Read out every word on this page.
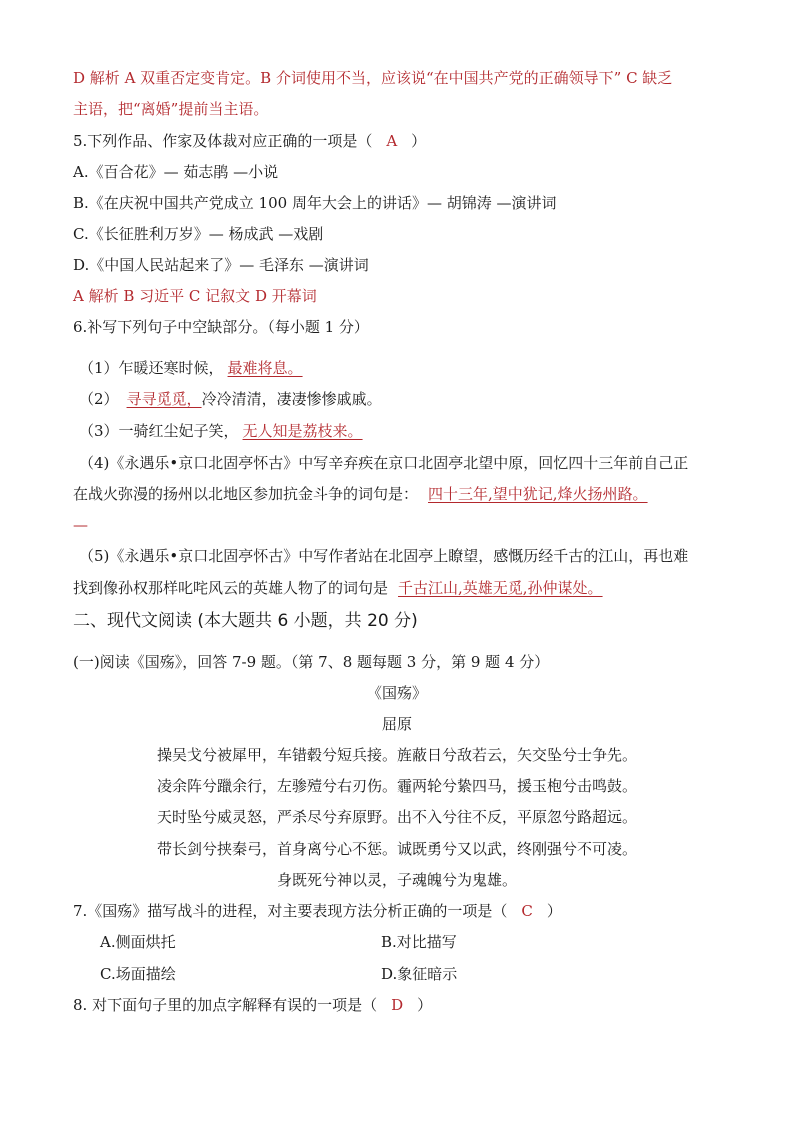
D 解析 A 双重否定变肯定。B 介词使用不当，应该说“在中国共产党的正确领导下” C 缺乏
主语，把“离婚”提前当主语。
5.下列作品、作家及体裁对应正确的一项是（ A ）
A.《百合花》— 茹志鹃 —小说
B.《在庆祝中国共产党成立 100 周年大会上的讲话》— 胡锦涛 —演讲词
C.《长征胜利万岁》— 杨成武 —戏剧
D.《中国人民站起来了》— 毛泽东 —演讲词
A 解析 B 习近平 C 记叙文 D 开幕词
6.补写下列句子中空缺部分。（每小题 1 分）
（1）乍暖还寒时候， 最难将息。
（2） 寻寻觅觅，冷冷清清，凄凄惨惨戚戚。
（3）一骑红尘妃子笑， 无人知是荔枝来。
（4)《永遇乐•京口北固亭怀古》中写辛弃疾在京口北固亭北望中原，回忆四十三年前自己正
在战火弥漫的扬州以北地区参加抗金斗争的词句是： 四十三年,望中犹记,烽火扬州路。
—
（5)《永遇乐•京口北固亭怀古》中写作者站在北固亭上瞭望，感慨历经千古的江山，再也难
找到像孙权那样叱咤风云的英雄人物了的词句是 千古江山,英雄无觅,孙仲谋处。
二、现代文阅读 (本大题共 6 小题，共 20 分)
(一)阅读《国殇》，回答 7-9 题。（第 7、8 题每题 3 分，第 9 题 4 分）
《国殇》
屈原
操吴戈兮被犀甲，车错毂兮短兵接。旌蔽日兮敌若云，矢交坠兮士争先。
凌余阵兮躐余行，左骖殪兮右刃伤。霾两轮兮絷四马，援玉枹兮击鸣鼓。
天时坠兮威灵怒，严杀尽兮弃原野。出不入兮往不反，平原忽兮路超远。
带长剑兮挟秦弓，首身离兮心不惩。诚既勇兮又以武，终刚强兮不可凌。
身既死兮神以灵，子魂魄兮为鬼雄。
7.《国殇》描写战斗的进程，对主要表现方法分析正确的一项是（ C ）
A.侧面烘托	B.对比描写
C.场面描绘	D.象征暗示
8. 对下面句子里的加点字解释有误的一项是（ D ）
